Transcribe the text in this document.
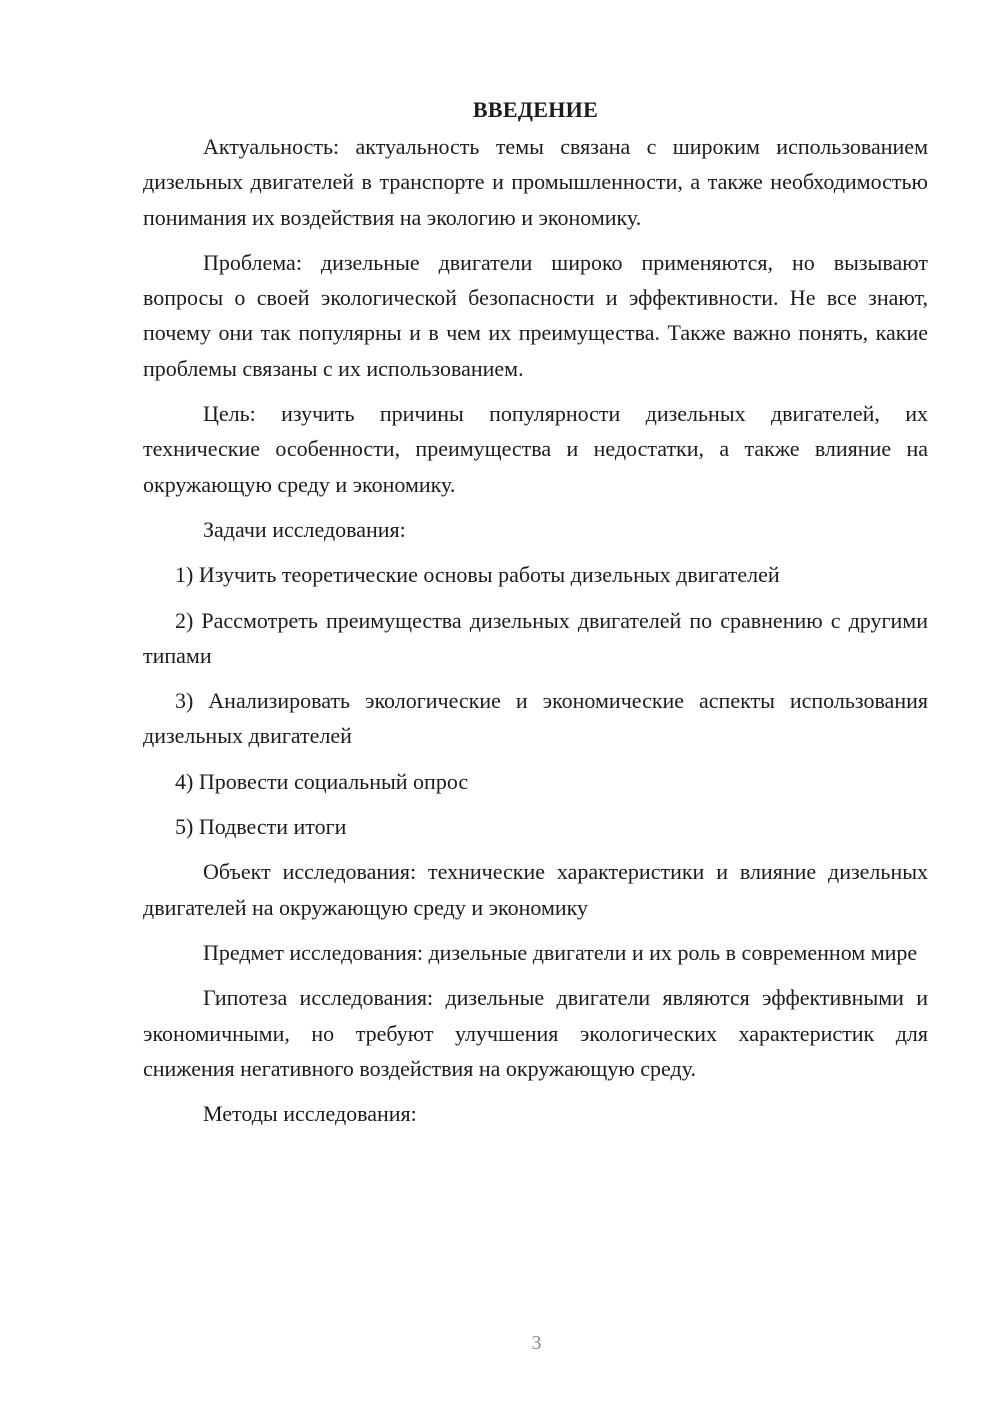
ВВЕДЕНИЕ

Актуальность: актуальность темы связана с широким использованием дизельных двигателей в транспорте и промышленности, а также необходимостью понимания их воздействия на экологию и экономику.

Проблема: дизельные двигатели широко применяются, но вызывают вопросы о своей экологической безопасности и эффективности. Не все знают, почему они так популярны и в чем их преимущества. Также важно понять, какие проблемы связаны с их использованием.

Цель: изучить причины популярности дизельных двигателей, их технические особенности, преимущества и недостатки, а также влияние на окружающую среду и экономику.

Задачи исследования:

1) Изучить теоретические основы работы дизельных двигателей

2) Рассмотреть преимущества дизельных двигателей по сравнению с другими типами

3) Анализировать экологические и экономические аспекты использования дизельных двигателей

4) Провести социальный опрос

5) Подвести итоги

Объект исследования: технические характеристики и влияние дизельных двигателей на окружающую среду и экономику

Предмет исследования: дизельные двигатели и их роль в современном мире

Гипотеза исследования: дизельные двигатели являются эффективными и экономичными, но требуют улучшения экологических характеристик для снижения негативного воздействия на окружающую среду.

Методы исследования:

3
